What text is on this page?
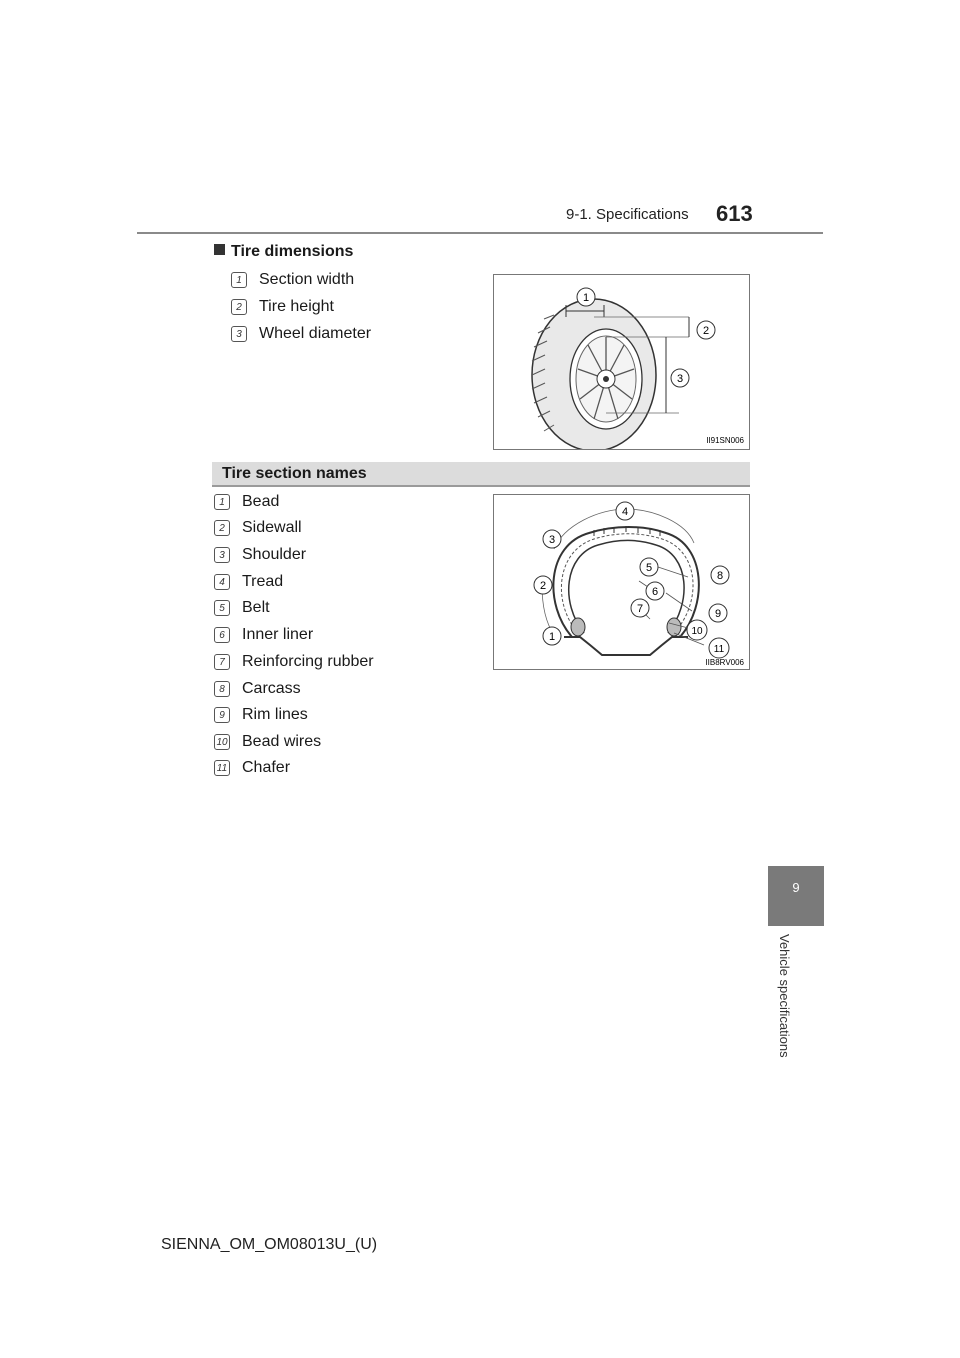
9-1. Specifications 613
9
Vehicle specifications
Tire dimensions
1	Section width
2	Tire height
3	Wheel diameter
1
2
3
II91SN006
Tire section names
1	Bead
2	Sidewall
3	Shoulder
4	Tread
5	Belt
6	Inner liner
7	Reinforcing rubber
8	Carcass
9	Rim lines
10 Bead wires
11 Chafer
1
2
3
4
5
6
7
8
9
10
11
IIB8RV006
SIENNA_OM_OM08013U_(U)
